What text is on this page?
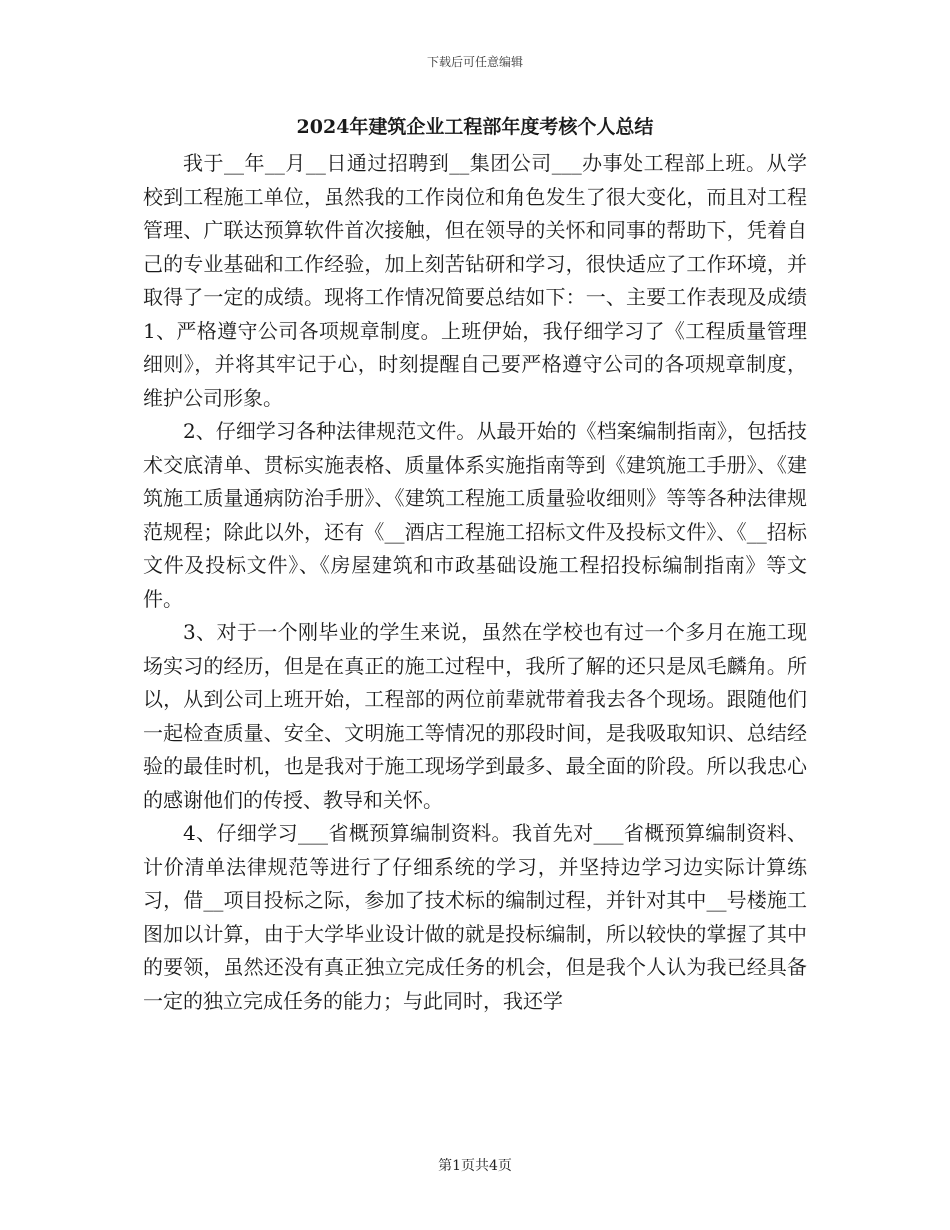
下载后可任意编辑
2024年建筑企业工程部年度考核个人总结

我于__年__月__日通过招聘到__集团公司___办事处工程部上班。从学校到工程施工单位，虽然我的工作岗位和角色发生了很大变化，而且对工程管理、广联达预算软件首次接触，但在领导的关怀和同事的帮助下，凭着自己的专业基础和工作经验，加上刻苦钻研和学习，很快适应了工作环境，并取得了一定的成绩。现将工作情况简要总结如下：一、主要工作表现及成绩1、严格遵守公司各项规章制度。上班伊始，我仔细学习了《工程质量管理细则》，并将其牢记于心，时刻提醒自己要严格遵守公司的各项规章制度，维护公司形象。

2、仔细学习各种法律规范文件。从最开始的《档案编制指南》，包括技术交底清单、贯标实施表格、质量体系实施指南等到《建筑施工手册》、《建筑施工质量通病防治手册》、《建筑工程施工质量验收细则》等等各种法律规范规程；除此以外，还有《__酒店工程施工招标文件及投标文件》、《__招标文件及投标文件》、《房屋建筑和市政基础设施工程招投标编制指南》等文件。

3、对于一个刚毕业的学生来说，虽然在学校也有过一个多月在施工现场实习的经历，但是在真正的施工过程中，我所了解的还只是凤毛麟角。所以，从到公司上班开始，工程部的两位前辈就带着我去各个现场。跟随他们一起检查质量、安全、文明施工等情况的那段时间，是我吸取知识、总结经验的最佳时机，也是我对于施工现场学到最多、最全面的阶段。所以我忠心的感谢他们的传授、教导和关怀。

4、仔细学习___省概预算编制资料。我首先对___省概预算编制资料、计价清单法律规范等进行了仔细系统的学习，并坚持边学习边实际计算练习，借__项目投标之际，参加了技术标的编制过程，并针对其中__号楼施工图加以计算，由于大学毕业设计做的就是投标编制，所以较快的掌握了其中的要领，虽然还没有真正独立完成任务的机会，但是我个人认为我已经具备一定的独立完成任务的能力；与此同时，我还学

第1页共4页
